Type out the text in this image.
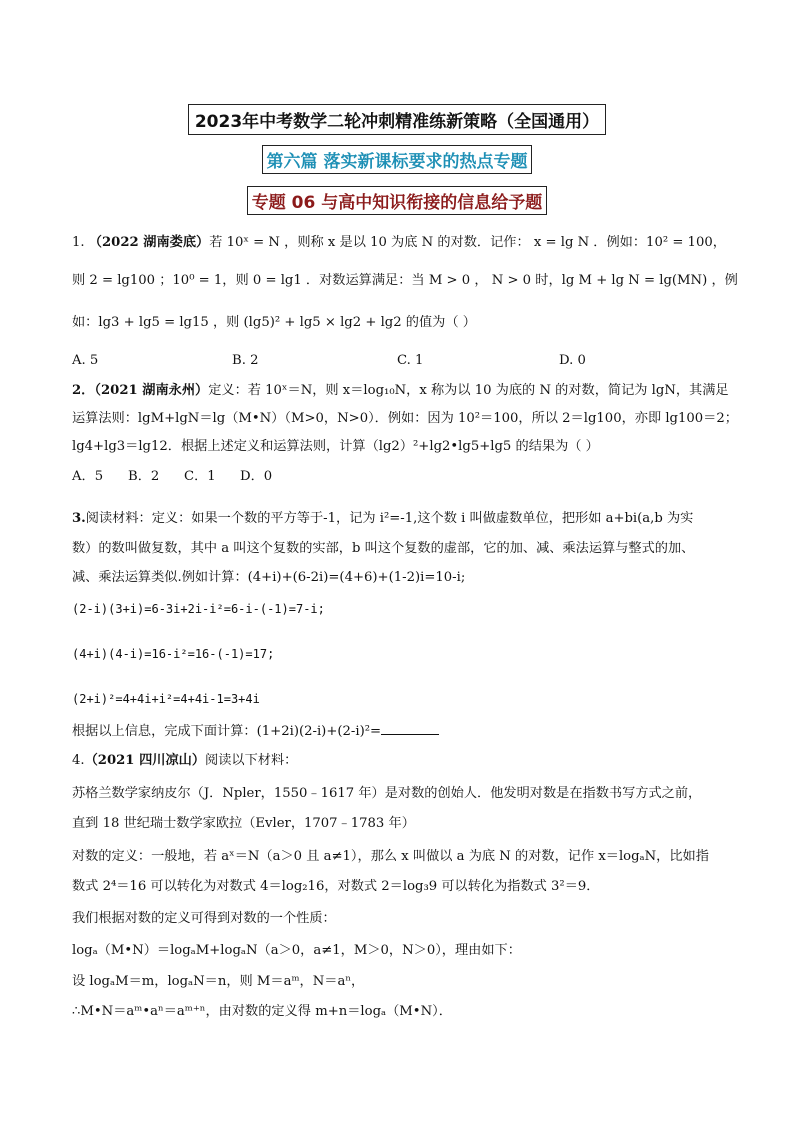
2023年中考数学二轮冲刺精准练新策略（全国通用）
第六篇 落实新课标要求的热点专题
专题 06 与高中知识衔接的信息给予题
1. （2022 湖南娄底）若 10ˣ = N ，则称 x 是以 10 为底 N 的对数．记作： x = lg N ．例如：10² = 100，
则 2 = lg100 ；10⁰ = 1，则 0 = lg1 ．对数运算满足：当 M > 0 ， N > 0 时，lg M + lg N = lg(MN) ，例
如：lg3 + lg5 = lg15 ，则 (lg5)² + lg5 × lg2 + lg2 的值为（ ）
A. 5	B. 2	C. 1	D. 0
2．（2021 湖南永州）定义：若 10ˣ＝N，则 x＝log₁₀N，x 称为以 10 为底的 N 的对数，简记为 lgN，其满足
运算法则：lgM+lgN＝lg（M•N）（M>0，N>0）．例如：因为 10²＝100，所以 2＝lg100，亦即 lg100＝2；
lg4+lg3＝lg12．根据上述定义和运算法则，计算（lg2）²+lg2•lg5+lg5 的结果为（ ）
A．5 B．2 C．1 D．0
3.阅读材料：定义：如果一个数的平方等于-1，记为 i²=-1,这个数 i 叫做虚数单位，把形如 a+bi(a,b 为实
数）的数叫做复数，其中 a 叫这个复数的实部，b 叫这个复数的虚部，它的加、减、乘法运算与整式的加、
减、乘法运算类似.例如计算：(4+i)+(6-2i)=(4+6)+(1-2)i=10-i;
(2-i)(3+i)=6-3i+2i-i²=6-i-(-1)=7-i;
(4+i)(4-i)=16-i²=16-(-1)=17;
(2+i)²=4+4i+i²=4+4i-1=3+4i
根据以上信息，完成下面计算：(1+2i)(2-i)+(2-i)²=
4.（2021 四川凉山）阅读以下材料：
苏格兰数学家纳皮尔（J．Npler，1550﹣1617 年）是对数的创始人．他发明对数是在指数书写方式之前，
直到 18 世纪瑞士数学家欧拉（Evler，1707﹣1783 年）
对数的定义：一般地，若 aˣ＝N（a＞0 且 a≠1），那么 x 叫做以 a 为底 N 的对数，记作 x＝logₐN，比如指
数式 2⁴＝16 可以转化为对数式 4＝log₂16，对数式 2＝log₃9 可以转化为指数式 3²＝9．
我们根据对数的定义可得到对数的一个性质：
logₐ（M•N）＝logₐM+logₐN（a＞0，a≠1，M＞0，N＞0），理由如下：
设 logₐM＝m，logₐN＝n，则 M＝aᵐ，N＝aⁿ，
∴M•N＝aᵐ•aⁿ＝aᵐ⁺ⁿ，由对数的定义得 m+n＝logₐ（M•N）．
